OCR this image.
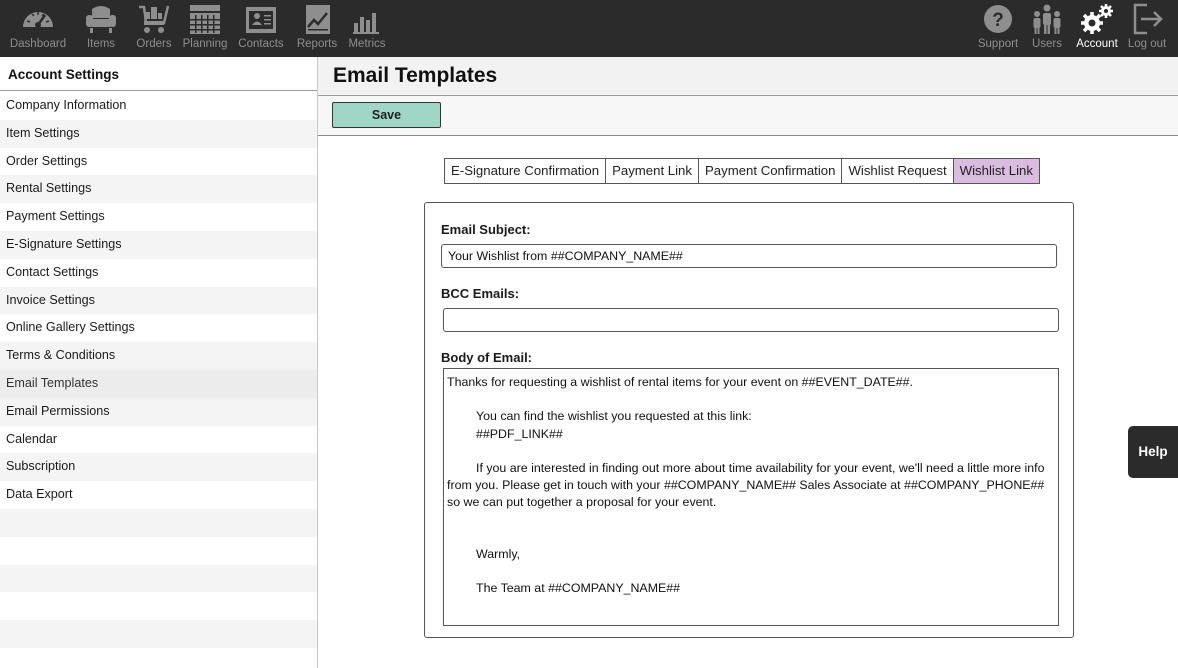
Dashboard	Items	Orders Planning Contacts	Reports Metrics
?
Support	Users	Account Log out
Account Settings
Company Information
Item Settings
Order Settings
Rental Settings
Payment Settings
E-Signature Settings
Contact Settings
Invoice Settings
Online Gallery Settings
Terms & Conditions
Email Templates
Email Permissions
Calendar
Subscription
Data Export
Email Templates
Save
E-Signature Confirmation Payment Link Payment Confirmation Wishlist Request Wishlist Link
Email Subject:
Your Wishlist from ##COMPANY_NAME##
BCC Emails:
Body of Email:

Thanks for requesting a wishlist of rental items for your event on ##EVENT_DATE##.

You can find the wishlist you requested at this link:

##PDF_LINK##

If you are interested in finding out more about time availability for your event, we'll need a little more info from you. Please get in touch with your ##COMPANY_NAME## Sales Associate at ##COMPANY_PHONE## so we can put together a proposal for your event.

Warmly,

The Team at ##COMPANY_NAME##

Help
